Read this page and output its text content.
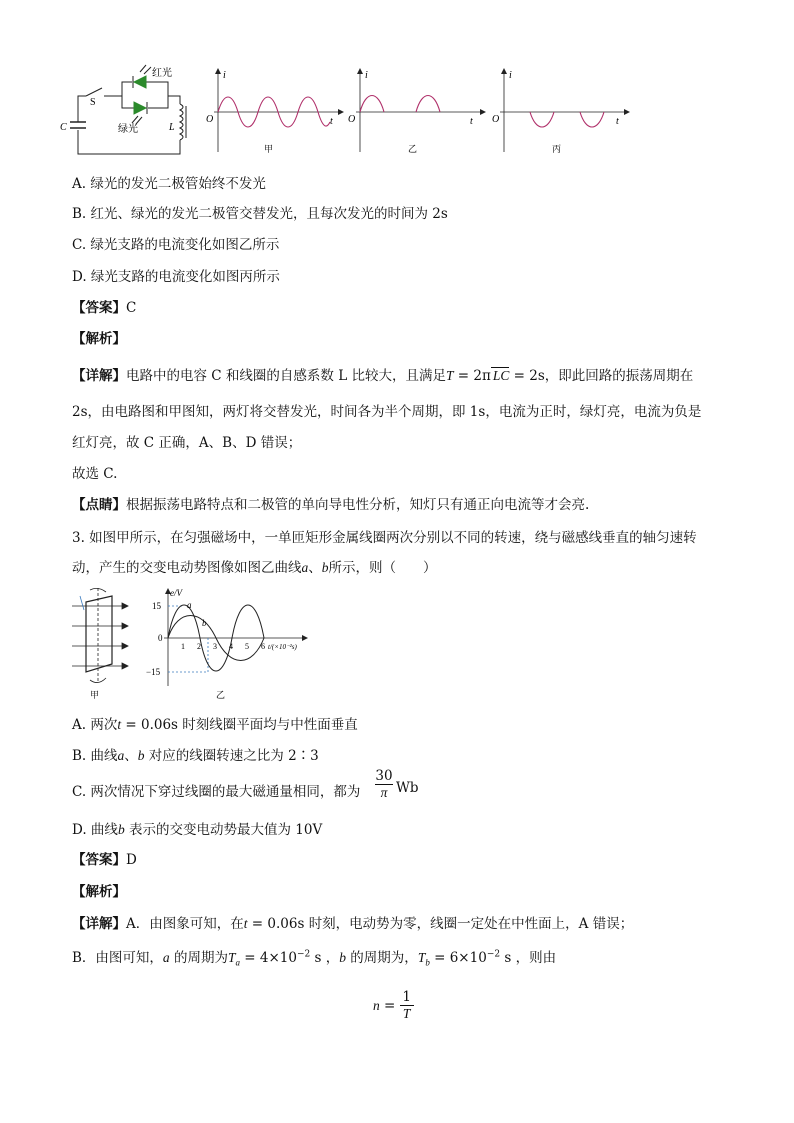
S
C	L
红光
绿光
i
t
O
i
t
O
i
t
O
甲	乙	丙
A. 绿光的发光二极管始终不发光
B. 红光、绿光的发光二极管交替发光，且每次发光的时间为 2s
C. 绿光支路的电流变化如图乙所示
D. 绿光支路的电流变化如图丙所示
【答案】C
【解析】
【详解】电路中的电容 C 和线圈的自感系数 L 比较大，且满足T = 2π LC = 2s，即此回路的振荡周期在
2s，由电路图和甲图知，两灯将交替发光，时间各为半个周期，即 1s，电流为正时，绿灯亮，电流为负是
红灯亮，故 C 正确，A、B、D 错误；
故选 C.
【点睛】根据振荡电路特点和二极管的单向导电性分析，知灯只有通正向电流等才会亮.
3. 如图甲所示，在匀强磁场中，一单匝矩形金属线圈两次分别以不同的转速，绕与磁感线垂直的轴匀速转
动，产生的交变电动势图像如图乙曲线a、b所示，则（　　）
甲
e/V
15
−15
0
a
b
1 2 3 4 5 6 t/(×10⁻²s)
乙
A. 两次t = 0.06s 时刻线圈平面均与中性面垂直
B. 曲线a、b 对应的线圈转速之比为 2∶3
C. 两次情况下穿过线圈的最大磁通量相同，都为 $\frac{30}{\pi}$ Wb
D. 曲线b 表示的交变电动势最大值为 10V
【答案】D
【解析】
【详解】A．由图象可知，在t = 0.06s 时刻，电动势为零，线圈一定处在中性面上，A 错误；
B．由图可知，a 的周期为$T_a = 4\times 10^{-2}$ s ，b 的周期为，$T_b = 6\times 10^{-2}$ s ，则由
$n = \frac{1}{T}$
